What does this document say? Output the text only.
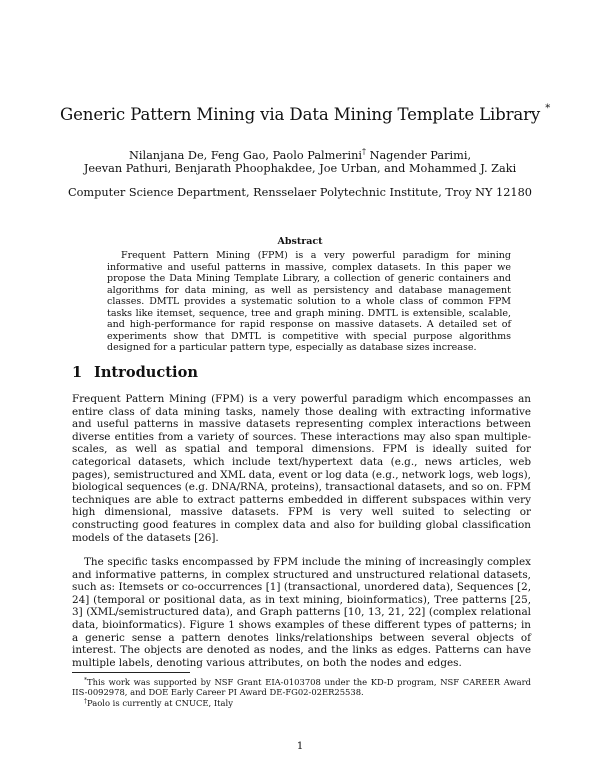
Generic Pattern Mining via Data Mining Template Library *
Nilanjana De, Feng Gao, Paolo Palmerini† Nagender Parimi,
Jeevan Pathuri, Benjarath Phoophakdee, Joe Urban, and Mohammed J. Zaki
Computer Science Department, Rensselaer Polytechnic Institute, Troy NY 12180
Abstract

Frequent Pattern Mining (FPM) is a very powerful paradigm for mining informative and useful patterns in massive, complex datasets. In this paper we propose the Data Mining Template Library, a collection of generic containers and algorithms for data mining, as well as persistency and database management classes. DMTL provides a systematic solution to a whole class of common FPM tasks like itemset, sequence, tree and graph mining. DMTL is extensible, scalable, and high-performance for rapid response on massive datasets. A detailed set of experiments show that DMTL is competitive with special purpose algorithms designed for a particular pattern type, especially as database sizes increase.

1 Introduction

Frequent Pattern Mining (FPM) is a very powerful paradigm which encompasses an entire class of data mining tasks, namely those dealing with extracting informative and useful patterns in massive datasets representing complex interactions between diverse entities from a variety of sources. These interactions may also span multiple-scales, as well as spatial and temporal dimensions. FPM is ideally suited for categorical datasets, which include text/hypertext data (e.g., news articles, web pages), semistructured and XML data, event or log data (e.g., network logs, web logs), biological sequences (e.g. DNA/RNA, proteins), transactional datasets, and so on. FPM techniques are able to extract patterns embedded in different subspaces within very high dimensional, massive datasets. FPM is very well suited to selecting or constructing good features in complex data and also for building global classification models of the datasets [26].

The specific tasks encompassed by FPM include the mining of increasingly complex and informative patterns, in complex structured and unstructured relational datasets, such as: Itemsets or co-occurrences [1] (transactional, unordered data), Sequences [2, 24] (temporal or positional data, as in text mining, bioinformatics), Tree patterns [25, 3] (XML/semistructured data), and Graph patterns [10, 13, 21, 22] (complex relational data, bioinformatics). Figure 1 shows examples of these different types of patterns; in a generic sense a pattern denotes links/relationships between several objects of interest. The objects are denoted as nodes, and the links as edges. Patterns can have multiple labels, denoting various attributes, on both the nodes and edges.

*This work was supported by NSF Grant EIA-0103708 under the KD-D program, NSF CAREER Award IIS-0092978, and DOE Early Career PI Award DE-FG02-02ER25538.

†Paolo is currently at CNUCE, Italy

1
